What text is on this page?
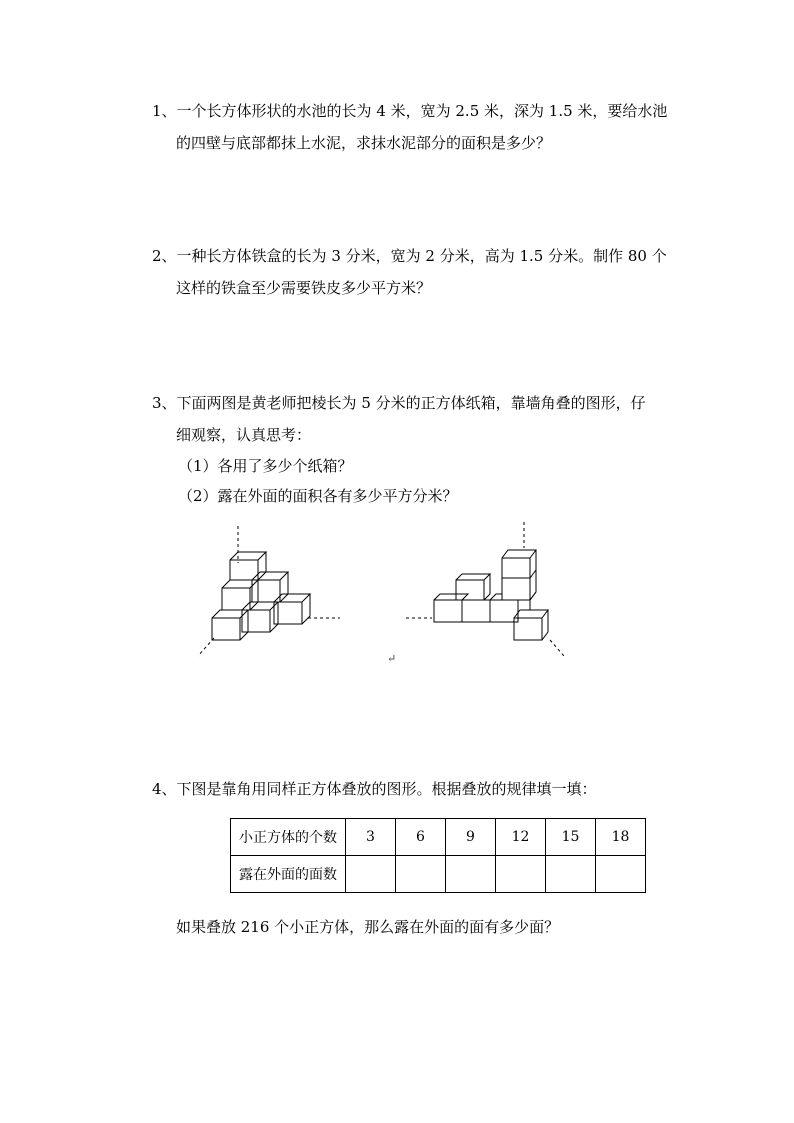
1、一个长方体形状的水池的长为 4 米，宽为 2.5 米，深为 1.5 米，要给水池
的四壁与底部都抹上水泥，求抹水泥部分的面积是多少？
2、一种长方体铁盒的长为 3 分米，宽为 2 分米，高为 1.5 分米。制作 80 个
这样的铁盒至少需要铁皮多少平方米？
3、下面两图是黄老师把棱长为 5 分米的正方体纸箱，靠墙角叠的图形，仔
细观察，认真思考：
（1）各用了多少个纸箱？
（2）露在外面的面积各有多少平方分米？
↵
4、下图是靠角用同样正方体叠放的图形。根据叠放的规律填一填：
小正方体的个数	3	6	9	12	15	18
露在外面的面数						
如果叠放 216 个小正方体，那么露在外面的面有多少面？
